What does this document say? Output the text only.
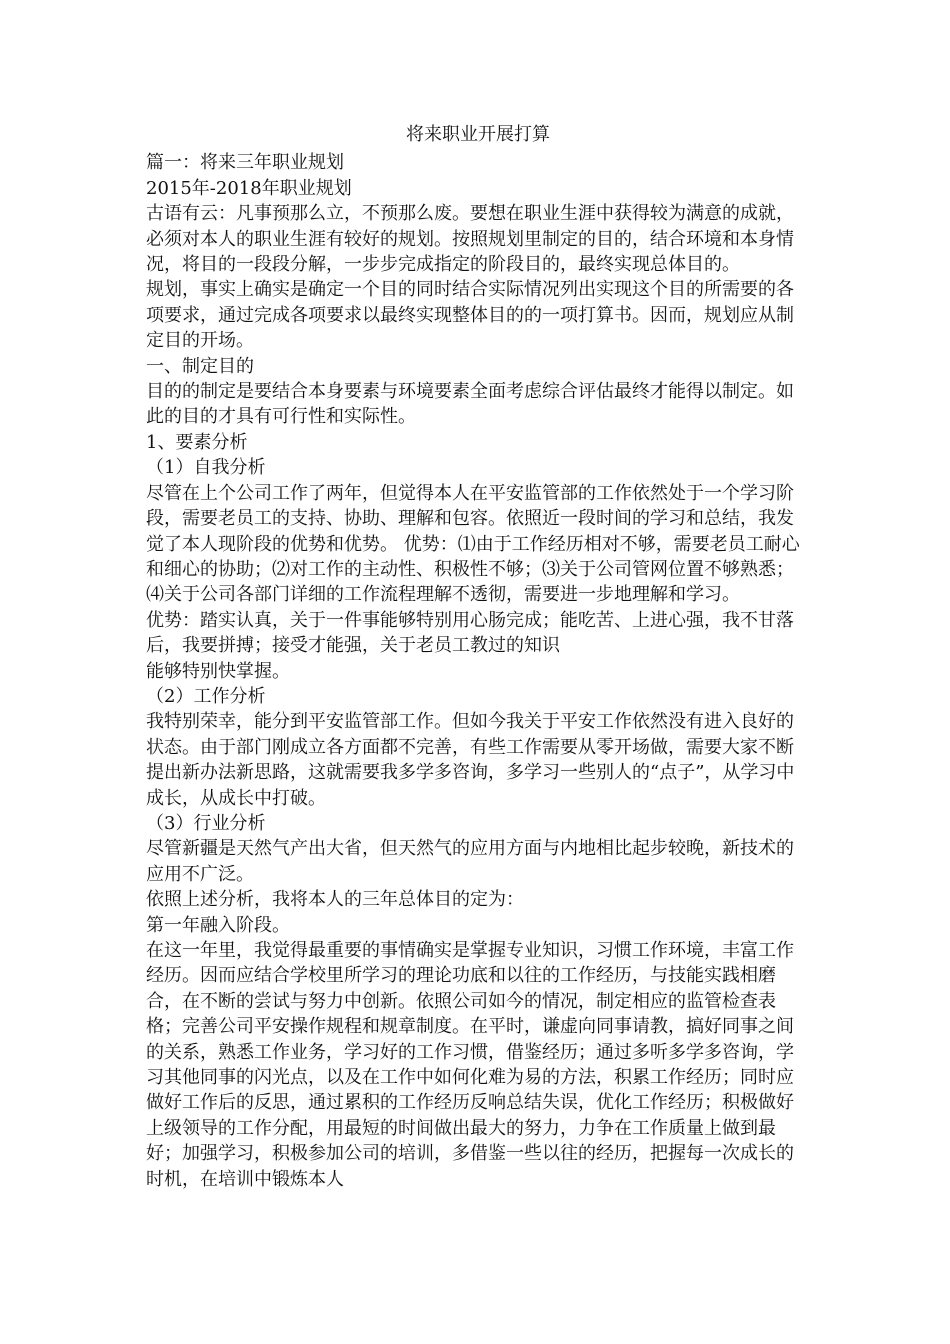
将来职业开展打算

篇一：将来三年职业规划

2015年-2018年职业规划

古语有云：凡事预那么立，不预那么废。要想在职业生涯中获得较为满意的成就，必须对本人的职业生涯有较好的规划。按照规划里制定的目的，结合环境和本身情况，将目的一段段分解，一步步完成指定的阶段目的，最终实现总体目的。

规划，事实上确实是确定一个目的同时结合实际情况列出实现这个目的所需要的各项要求，通过完成各项要求以最终实现整体目的的一项打算书。因而，规划应从制定目的开场。

一、制定目的

目的的制定是要结合本身要素与环境要素全面考虑综合评估最终才能得以制定。如此的目的才具有可行性和实际性。

1、要素分析

（1）自我分析

尽管在上个公司工作了两年，但觉得本人在平安监管部的工作依然处于一个学习阶段，需要老员工的支持、协助、理解和包容。依照近一段时间的学习和总结，我发觉了本人现阶段的优势和优势。 优势：⑴由于工作经历相对不够，需要老员工耐心和细心的协助；⑵对工作的主动性、积极性不够；⑶关于公司管网位置不够熟悉；⑷关于公司各部门详细的工作流程理解不透彻，需要进一步地理解和学习。

优势：踏实认真，关于一件事能够特别用心肠完成；能吃苦、上进心强，我不甘落后，我要拼搏；接受才能强，关于老员工教过的知识

能够特别快掌握。

（2）工作分析

我特别荣幸，能分到平安监管部工作。但如今我关于平安工作依然没有进入良好的状态。由于部门刚成立各方面都不完善，有些工作需要从零开场做，需要大家不断提出新办法新思路，这就需要我多学多咨询，多学习一些别人的“点子”，从学习中成长，从成长中打破。

（3）行业分析

尽管新疆是天然气产出大省，但天然气的应用方面与内地相比起步较晚，新技术的应用不广泛。

依照上述分析，我将本人的三年总体目的定为：

第一年融入阶段。

在这一年里，我觉得最重要的事情确实是掌握专业知识，习惯工作环境，丰富工作经历。因而应结合学校里所学习的理论功底和以往的工作经历，与技能实践相磨合，在不断的尝试与努力中创新。依照公司如今的情况，制定相应的监管检查表格；完善公司平安操作规程和规章制度。在平时，谦虚向同事请教，搞好同事之间的关系，熟悉工作业务，学习好的工作习惯，借鉴经历；通过多听多学多咨询，学习其他同事的闪光点，以及在工作中如何化难为易的方法，积累工作经历；同时应做好工作后的反思，通过累积的工作经历反响总结失误，优化工作经历；积极做好上级领导的工作分配，用最短的时间做出最大的努力，力争在工作质量上做到最好；加强学习，积极参加公司的培训，多借鉴一些以往的经历，把握每一次成长的时机，在培训中锻炼本人
